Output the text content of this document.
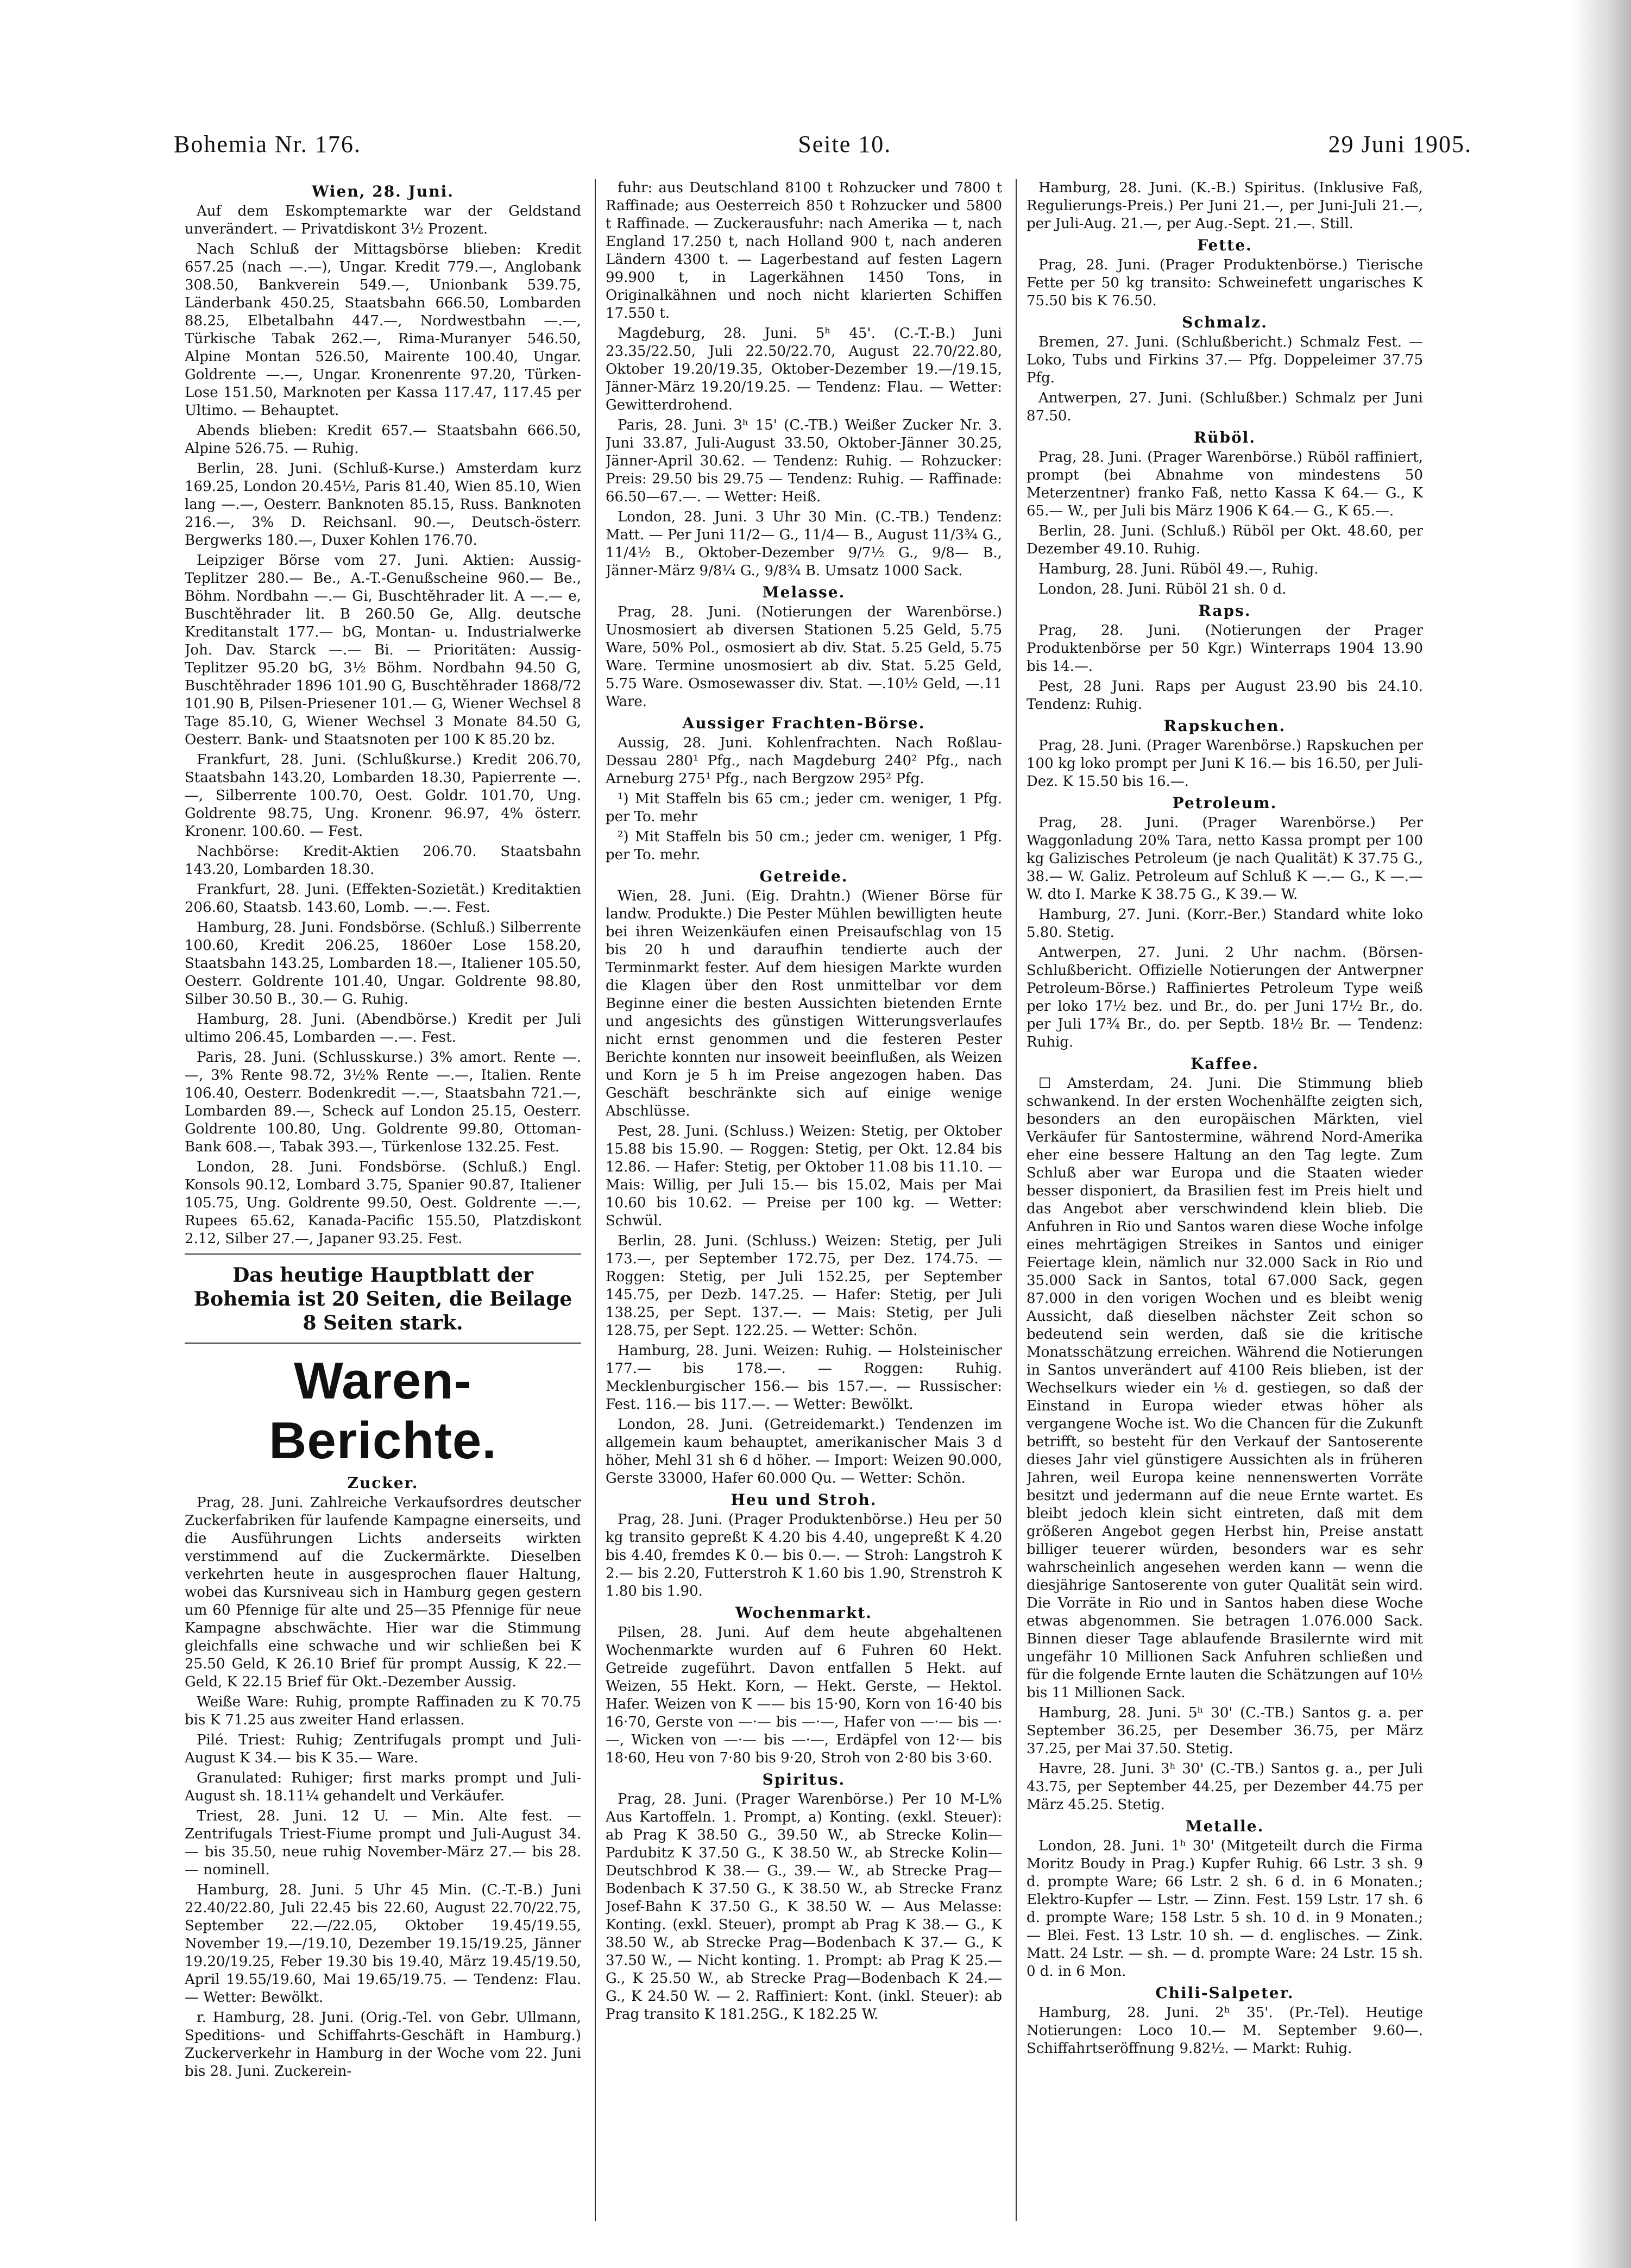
Bohemia Nr. 176.	Seite 10.	29 Juni 1905.
Wien, 28. Juni.

Auf dem Eskomptemarkte war der Geldstand unverändert. — Privatdiskont 3½ Prozent.

Nach Schluß der Mittagsbörse blieben: Kredit 657.25 (nach —.—), Ungar. Kredit 779.—, Anglobank 308.50, Bankverein 549.—, Unionbank 539.75, Länderbank 450.25, Staatsbahn 666.50, Lombarden 88.25, Elbetalbahn 447.—, Nordwestbahn —.—, Türkische Tabak 262.—, Rima-Muranyer 546.50, Alpine Montan 526.50, Mairente 100.40, Ungar. Goldrente —.—, Ungar. Kronenrente 97.20, Türken-Lose 151.50, Marknoten per Kassa 117.47, 117.45 per Ultimo. — Behauptet.

Abends blieben: Kredit 657.— Staatsbahn 666.50, Alpine 526.75. — Ruhig.

Berlin, 28. Juni. (Schluß-Kurse.) Amsterdam kurz 169.25, London 20.45½, Paris 81.40, Wien 85.10, Wien lang —.—, Oesterr. Banknoten 85.15, Russ. Banknoten 216.—, 3% D. Reichsanl. 90.—, Deutsch-österr. Bergwerks 180.—, Duxer Kohlen 176.70.

Leipziger Börse vom 27. Juni. Aktien: Aussig-Teplitzer 280.— Be., A.-T.-Genußscheine 960.— Be., Böhm. Nordbahn —.— Gi, Buschtěhrader lit. A —.— e, Buschtěhrader lit. B 260.50 Ge, Allg. deutsche Kreditanstalt 177.— bG, Montan- u. Industrialwerke Joh. Dav. Starck —.— Bi. — Prioritäten: Aussig-Teplitzer 95.20 bG, 3½ Böhm. Nordbahn 94.50 G, Buschtěhrader 1896 101.90 G, Buschtěhrader 1868/72 101.90 B, Pilsen-Priesener 101.— G, Wiener Wechsel 8 Tage 85.10, G, Wiener Wechsel 3 Monate 84.50 G, Oesterr. Bank- und Staatsnoten per 100 K 85.20 bz.

Frankfurt, 28. Juni. (Schlußkurse.) Kredit 206.70, Staatsbahn 143.20, Lombarden 18.30, Papierrente —.—, Silberrente 100.70, Oest. Goldr. 101.70, Ung. Goldrente 98.75, Ung. Kronenr. 96.97, 4% österr. Kronenr. 100.60. — Fest.

Nachbörse: Kredit-Aktien 206.70. Staatsbahn 143.20, Lombarden 18.30.

Frankfurt, 28. Juni. (Effekten-Sozietät.) Kreditaktien 206.60, Staatsb. 143.60, Lomb. —.—. Fest.

Hamburg, 28. Juni. Fondsbörse. (Schluß.) Silberrente 100.60, Kredit 206.25, 1860er Lose 158.20, Staatsbahn 143.25, Lombarden 18.—, Italiener 105.50, Oesterr. Goldrente 101.40, Ungar. Goldrente 98.80, Silber 30.50 B., 30.— G. Ruhig.

Hamburg, 28. Juni. (Abendbörse.) Kredit per Juli ultimo 206.45, Lombarden —.—. Fest.

Paris, 28. Juni. (Schlusskurse.) 3% amort. Rente —.—, 3% Rente 98.72, 3½% Rente —.—, Italien. Rente 106.40, Oesterr. Bodenkredit —.—, Staatsbahn 721.—, Lombarden 89.—, Scheck auf London 25.15, Oesterr. Goldrente 100.80, Ung. Goldrente 99.80, Ottoman-Bank 608.—, Tabak 393.—, Türkenlose 132.25. Fest.

London, 28. Juni. Fondsbörse. (Schluß.) Engl. Konsols 90.12, Lombard 3.75, Spanier 90.87, Italiener 105.75, Ung. Goldrente 99.50, Oest. Goldrente —.—, Rupees 65.62, Kanada-Pacific 155.50, Platzdiskont 2.12, Silber 27.—, Japaner 93.25. Fest.

Das heutige Hauptblatt der Bohemia ist 20 Seiten, die Beilage 8 Seiten stark.
Waren-Berichte.
Zucker.

Prag, 28. Juni. Zahlreiche Verkaufsordres deutscher Zuckerfabriken für laufende Kampagne einerseits, und die Ausführungen Lichts anderseits wirkten verstimmend auf die Zuckermärkte. Dieselben verkehrten heute in ausgesprochen flauer Haltung, wobei das Kursniveau sich in Hamburg gegen gestern um 60 Pfennige für alte und 25—35 Pfennige für neue Kampagne abschwächte. Hier war die Stimmung gleichfalls eine schwache und wir schließen bei K 25.50 Geld, K 26.10 Brief für prompt Aussig, K 22.— Geld, K 22.15 Brief für Okt.-Dezember Aussig.

Weiße Ware: Ruhig, prompte Raffinaden zu K 70.75 bis K 71.25 aus zweiter Hand erlassen.

Pilé. Triest: Ruhig; Zentrifugals prompt und Juli-August K 34.— bis K 35.— Ware.

Granulated: Ruhiger; first marks prompt und Juli-August sh. 18.11¼ gehandelt und Verkäufer.

Triest, 28. Juni. 12 U. — Min. Alte fest. — Zentrifugals Triest-Fiume prompt und Juli-August 34.— bis 35.50, neue ruhig November-März 27.— bis 28.— nominell.

Hamburg, 28. Juni. 5 Uhr 45 Min. (C.-T.-B.) Juni 22.40/22.80, Juli 22.45 bis 22.60, August 22.70/22.75, September 22.—/22.05, Oktober 19.45/19.55, November 19.—/19.10, Dezember 19.15/19.25, Jänner 19.20/19.25, Feber 19.30 bis 19.40, März 19.45/19.50, April 19.55/19.60, Mai 19.65/19.75. — Tendenz: Flau. — Wetter: Bewölkt.

r. Hamburg, 28. Juni. (Orig.-Tel. von Gebr. Ullmann, Speditions- und Schiffahrts-Geschäft in Hamburg.) Zuckerverkehr in Hamburg in der Woche vom 22. Juni bis 28. Juni. Zuckerein-

fuhr: aus Deutschland 8100 t Rohzucker und 7800 t Raffinade; aus Oesterreich 850 t Rohzucker und 5800 t Raffinade. — Zuckerausfuhr: nach Amerika — t, nach England 17.250 t, nach Holland 900 t, nach anderen Ländern 4300 t. — Lagerbestand auf festen Lagern 99.900 t, in Lagerkähnen 1450 Tons, in Originalkähnen und noch nicht klarierten Schiffen 17.550 t.

Magdeburg, 28. Juni. 5ʰ 45'. (C.-T.-B.) Juni 23.35/22.50, Juli 22.50/22.70, August 22.70/22.80, Oktober 19.20/19.35, Oktober-Dezember 19.—/19.15, Jänner-März 19.20/19.25. — Tendenz: Flau. — Wetter: Gewitterdrohend.

Paris, 28. Juni. 3ʰ 15' (C.-TB.) Weißer Zucker Nr. 3. Juni 33.87, Juli-August 33.50, Oktober-Jänner 30.25, Jänner-April 30.62. — Tendenz: Ruhig. — Rohzucker: Preis: 29.50 bis 29.75 — Tendenz: Ruhig. — Raffinade: 66.50—67.—. — Wetter: Heiß.

London, 28. Juni. 3 Uhr 30 Min. (C.-TB.) Tendenz: Matt. — Per Juni 11/2— G., 11/4— B., August 11/3¾ G., 11/4½ B., Oktober-Dezember 9/7½ G., 9/8— B., Jänner-März 9/8¼ G., 9/8¾ B. Umsatz 1000 Sack.

Melasse.

Prag, 28. Juni. (Notierungen der Warenbörse.) Unosmosiert ab diversen Stationen 5.25 Geld, 5.75 Ware, 50% Pol., osmosiert ab div. Stat. 5.25 Geld, 5.75 Ware. Termine unosmosiert ab div. Stat. 5.25 Geld, 5.75 Ware. Osmosewasser div. Stat. —.10½ Geld, —.11 Ware.

Aussiger Frachten-Börse.

Aussig, 28. Juni. Kohlenfrachten. Nach Roßlau-Dessau 280¹ Pfg., nach Magdeburg 240² Pfg., nach Arneburg 275¹ Pfg., nach Bergzow 295² Pfg.

¹) Mit Staffeln bis 65 cm.; jeder cm. weniger, 1 Pfg. per To. mehr

²) Mit Staffeln bis 50 cm.; jeder cm. weniger, 1 Pfg. per To. mehr.

Getreide.

Wien, 28. Juni. (Eig. Drahtn.) (Wiener Börse für landw. Produkte.) Die Pester Mühlen bewilligten heute bei ihren Weizenkäufen einen Preisaufschlag von 15 bis 20 h und daraufhin tendierte auch der Terminmarkt fester. Auf dem hiesigen Markte wurden die Klagen über den Rost unmittelbar vor dem Beginne einer die besten Aussichten bietenden Ernte und angesichts des günstigen Witterungsverlaufes nicht ernst genommen und die festeren Pester Berichte konnten nur insoweit beeinflußen, als Weizen und Korn je 5 h im Preise angezogen haben. Das Geschäft beschränkte sich auf einige wenige Abschlüsse.

Pest, 28. Juni. (Schluss.) Weizen: Stetig, per Oktober 15.88 bis 15.90. — Roggen: Stetig, per Okt. 12.84 bis 12.86. — Hafer: Stetig, per Oktober 11.08 bis 11.10. — Mais: Willig, per Juli 15.— bis 15.02, Mais per Mai 10.60 bis 10.62. — Preise per 100 kg. — Wetter: Schwül.

Berlin, 28. Juni. (Schluss.) Weizen: Stetig, per Juli 173.—, per September 172.75, per Dez. 174.75. — Roggen: Stetig, per Juli 152.25, per September 145.75, per Dezb. 147.25. — Hafer: Stetig, per Juli 138.25, per Sept. 137.—. — Mais: Stetig, per Juli 128.75, per Sept. 122.25. — Wetter: Schön.

Hamburg, 28. Juni. Weizen: Ruhig. — Holsteinischer 177.— bis 178.—. — Roggen: Ruhig. Mecklenburgischer 156.— bis 157.—. — Russischer: Fest. 116.— bis 117.—. — Wetter: Bewölkt.

London, 28. Juni. (Getreidemarkt.) Tendenzen im allgemein kaum behauptet, amerikanischer Mais 3 d höher, Mehl 31 sh 6 d höher. — Import: Weizen 90.000, Gerste 33000, Hafer 60.000 Qu. — Wetter: Schön.

Heu und Stroh.

Prag, 28. Juni. (Prager Produktenbörse.) Heu per 50 kg transito gepreßt K 4.20 bis 4.40, ungepreßt K 4.20 bis 4.40, fremdes K 0.— bis 0.—. — Stroh: Langstroh K 2.— bis 2.20, Futterstroh K 1.60 bis 1.90, Strenstroh K 1.80 bis 1.90.

Wochenmarkt.

Pilsen, 28. Juni. Auf dem heute abgehaltenen Wochenmarkte wurden auf 6 Fuhren 60 Hekt. Getreide zugeführt. Davon entfallen 5 Hekt. auf Weizen, 55 Hekt. Korn, — Hekt. Gerste, — Hektol. Hafer. Weizen von K —— bis 15·90, Korn von 16·40 bis 16·70, Gerste von —·— bis —·—, Hafer von —·— bis —·—, Wicken von —·— bis —·—, Erdäpfel von 12·— bis 18·60, Heu von 7·80 bis 9·20, Stroh von 2·80 bis 3·60.

Spiritus.

Prag, 28. Juni. (Prager Warenbörse.) Per 10 M-L% Aus Kartoffeln. 1. Prompt, a) Konting. (exkl. Steuer): ab Prag K 38.50 G., 39.50 W., ab Strecke Kolin—Pardubitz K 37.50 G., K 38.50 W., ab Strecke Kolin—Deutschbrod K 38.— G., 39.— W., ab Strecke Prag—Bodenbach K 37.50 G., K 38.50 W., ab Strecke Franz Josef-Bahn K 37.50 G., K 38.50 W. — Aus Melasse: Konting. (exkl. Steuer), prompt ab Prag K 38.— G., K 38.50 W., ab Strecke Prag—Bodenbach K 37.— G., K 37.50 W., — Nicht konting. 1. Prompt: ab Prag K 25.— G., K 25.50 W., ab Strecke Prag—Bodenbach K 24.— G., K 24.50 W. — 2. Raffiniert: Kont. (inkl. Steuer): ab Prag transito K 181.25G., K 182.25 W.

Hamburg, 28. Juni. (K.-B.) Spiritus. (Inklusive Faß, Regulierungs-Preis.) Per Juni 21.—, per Juni-Juli 21.—, per Juli-Aug. 21.—, per Aug.-Sept. 21.—. Still.

Fette.

Prag, 28. Juni. (Prager Produktenbörse.) Tierische Fette per 50 kg transito: Schweinefett ungarisches K 75.50 bis K 76.50.

Schmalz.

Bremen, 27. Juni. (Schlußbericht.) Schmalz Fest. — Loko, Tubs und Firkins 37.— Pfg. Doppeleimer 37.75 Pfg.

Antwerpen, 27. Juni. (Schlußber.) Schmalz per Juni 87.50.

Rüböl.

Prag, 28. Juni. (Prager Warenbörse.) Rüböl raffiniert, prompt (bei Abnahme von mindestens 50 Meterzentner) franko Faß, netto Kassa K 64.— G., K 65.— W., per Juli bis März 1906 K 64.— G., K 65.—.

Berlin, 28. Juni. (Schluß.) Rüböl per Okt. 48.60, per Dezember 49.10. Ruhig.

Hamburg, 28. Juni. Rüböl 49.—, Ruhig.

London, 28. Juni. Rüböl 21 sh. 0 d.

Raps.

Prag, 28. Juni. (Notierungen der Prager Produktenbörse per 50 Kgr.) Winterraps 1904 13.90 bis 14.—.

Pest, 28 Juni. Raps per August 23.90 bis 24.10. Tendenz: Ruhig.

Rapskuchen.

Prag, 28. Juni. (Prager Warenbörse.) Rapskuchen per 100 kg loko prompt per Juni K 16.— bis 16.50, per Juli-Dez. K 15.50 bis 16.—.

Petroleum.

Prag, 28. Juni. (Prager Warenbörse.) Per Waggonladung 20% Tara, netto Kassa prompt per 100 kg Galizisches Petroleum (je nach Qualität) K 37.75 G., 38.— W. Galiz. Petroleum auf Schluß K —.— G., K —.— W. dto I. Marke K 38.75 G., K 39.— W.

Hamburg, 27. Juni. (Korr.-Ber.) Standard white loko 5.80. Stetig.

Antwerpen, 27. Juni. 2 Uhr nachm. (Börsen-Schlußbericht. Offizielle Notierungen der Antwerpner Petroleum-Börse.) Raffiniertes Petroleum Type weiß per loko 17½ bez. und Br., do. per Juni 17½ Br., do. per Juli 17¾ Br., do. per Septb. 18½ Br. — Tendenz: Ruhig.

Kaffee.

☐ Amsterdam, 24. Juni. Die Stimmung blieb schwankend. In der ersten Wochenhälfte zeigten sich, besonders an den europäischen Märkten, viel Verkäufer für Santostermine, während Nord-Amerika eher eine bessere Haltung an den Tag legte. Zum Schluß aber war Europa und die Staaten wieder besser disponiert, da Brasilien fest im Preis hielt und das Angebot aber verschwindend klein blieb. Die Anfuhren in Rio und Santos waren diese Woche infolge eines mehrtägigen Streikes in Santos und einiger Feiertage klein, nämlich nur 32.000 Sack in Rio und 35.000 Sack in Santos, total 67.000 Sack, gegen 87.000 in den vorigen Wochen und es bleibt wenig Aussicht, daß dieselben nächster Zeit schon so bedeutend sein werden, daß sie die kritische Monatsschätzung erreichen. Während die Notierungen in Santos unverändert auf 4100 Reis blieben, ist der Wechselkurs wieder ein ⅟₈ d. gestiegen, so daß der Einstand in Europa wieder etwas höher als vergangene Woche ist. Wo die Chancen für die Zukunft betrifft, so besteht für den Verkauf der Santoserente dieses Jahr viel günstigere Aussichten als in früheren Jahren, weil Europa keine nennenswerten Vorräte besitzt und jedermann auf die neue Ernte wartet. Es bleibt jedoch klein sicht eintreten, daß mit dem größeren Angebot gegen Herbst hin, Preise anstatt billiger teuerer würden, besonders war es sehr wahrscheinlich angesehen werden kann — wenn die diesjährige Santoserente von guter Qualität sein wird. Die Vorräte in Rio und in Santos haben diese Woche etwas abgenommen. Sie betragen 1.076.000 Sack. Binnen dieser Tage ablaufende Brasilernte wird mit ungefähr 10 Millionen Sack Anfuhren schließen und für die folgende Ernte lauten die Schätzungen auf 10½ bis 11 Millionen Sack.

Hamburg, 28. Juni. 5ʰ 30' (C.-TB.) Santos g. a. per September 36.25, per Desember 36.75, per März 37.25, per Mai 37.50. Stetig.

Havre, 28. Juni. 3ʰ 30' (C.-TB.) Santos g. a., per Juli 43.75, per September 44.25, per Dezember 44.75 per März 45.25. Stetig.

Metalle.

London, 28. Juni. 1ʰ 30' (Mitgeteilt durch die Firma Moritz Boudy in Prag.) Kupfer Ruhig. 66 Lstr. 3 sh. 9 d. prompte Ware; 66 Lstr. 2 sh. 6 d. in 6 Monaten.; Elektro-Kupfer — Lstr. — Zinn. Fest. 159 Lstr. 17 sh. 6 d. prompte Ware; 158 Lstr. 5 sh. 10 d. in 9 Monaten.; — Blei. Fest. 13 Lstr. 10 sh. — d. englisches. — Zink. Matt. 24 Lstr. — sh. — d. prompte Ware: 24 Lstr. 15 sh. 0 d. in 6 Mon.

Chili-Salpeter.

Hamburg, 28. Juni. 2ʰ 35'. (Pr.-Tel). Heutige Notierungen: Loco 10.— M. September 9.60—. Schiffahrtseröffnung 9.82½. — Markt: Ruhig.
